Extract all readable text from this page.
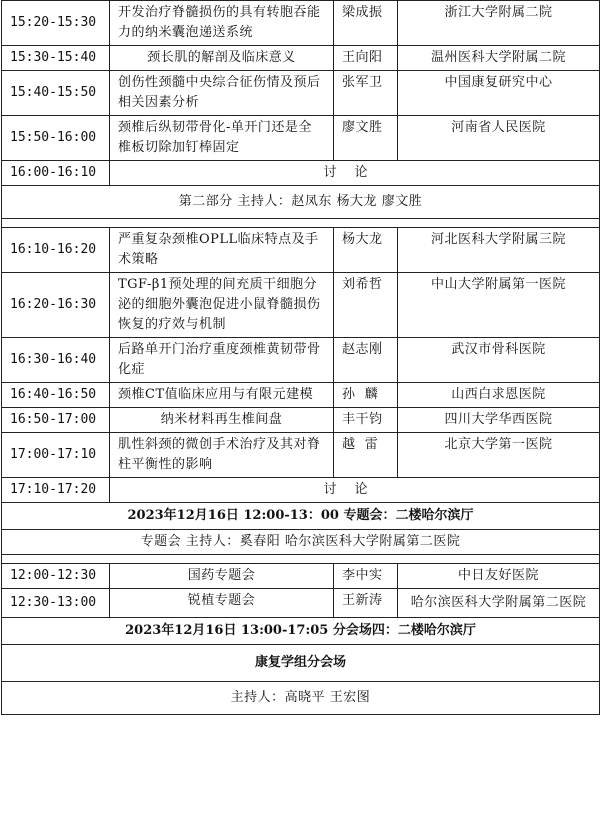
15:20-15:30	开发治疗脊髓损伤的具有转胞吞能力的纳米囊泡递送系统	梁成振	浙江大学附属二院
15:30-15:40	颈长肌的解剖及临床意义	王向阳	温州医科大学附属二院
15:40-15:50	创伤性颈髓中央综合征伤情及预后相关因素分析	张军卫	中国康复研究中心
15:50-16:00	颈椎后纵韧带骨化-单开门还是全椎板切除加钉棒固定	廖文胜	河南省人民医院
16:00-16:10	讨论		
第二部分 主持人：赵凤东 杨大龙 廖文胜			

16:10-16:20	严重复杂颈椎OPLL临床特点及手术策略	杨大龙	河北医科大学附属三院
16:20-16:30	TGF-β1预处理的间充质干细胞分泌的细胞外囊泡促进小鼠脊髓损伤恢复的疗效与机制	刘希哲	中山大学附属第一医院
16:30-16:40	后路单开门治疗重度颈椎黄韧带骨化症	赵志刚	武汉市骨科医院
16:40-16:50	颈椎CT值临床应用与有限元建模	孙  麟	山西白求恩医院
16:50-17:00	纳米材料再生椎间盘	丰干钧	四川大学华西医院
17:00-17:10	肌性斜颈的微创手术治疗及其对脊柱平衡性的影响	越  雷	北京大学第一医院
17:10-17:20	讨论		
2023年12月16日 12:00-13：00 专题会：二楼哈尔滨厅			
专题会 主持人：奚春阳 哈尔滨医科大学附属第二医院			

12:00-12:30	国药专题会	李中实	中日友好医院
12:30-13:00	锐植专题会	王新涛	哈尔滨医科大学附属第二医院
2023年12月16日 13:00-17:05 分会场四：二楼哈尔滨厅			
康复学组分会场			
主持人：高晓平 王宏图			
